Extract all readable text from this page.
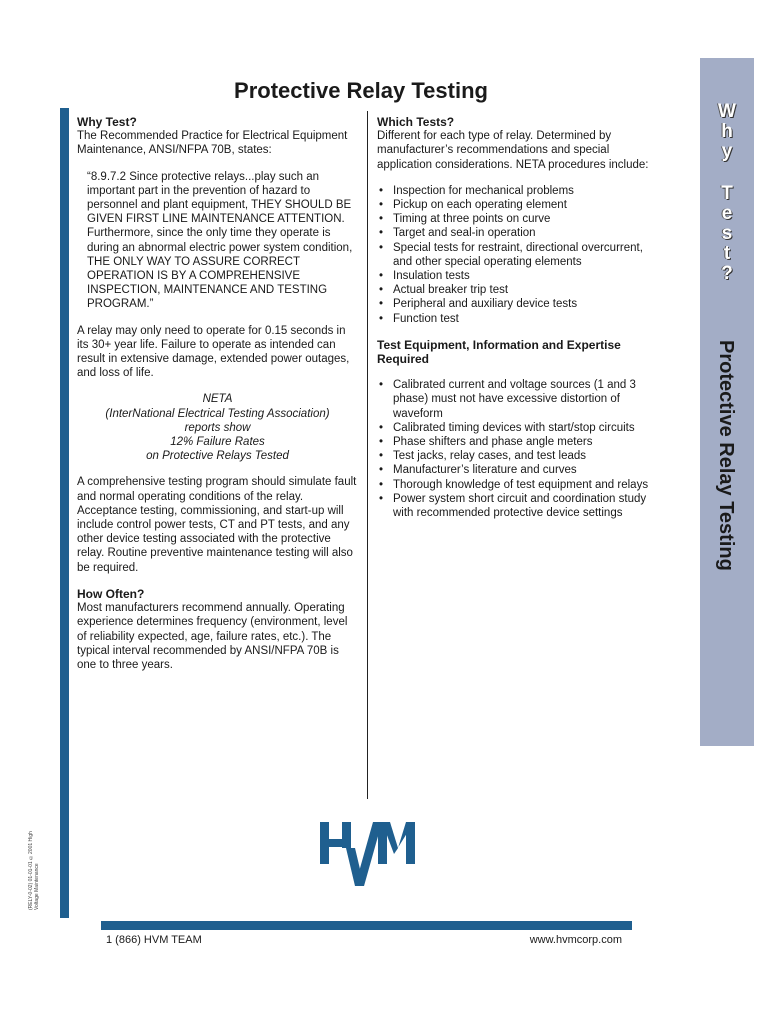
Protective Relay Testing

Why Test?

The Recommended Practice for Electrical Equipment Maintenance, ANSI/NFPA 70B, states:

“8.9.7.2 Since protective relays...play such an important part in the prevention of hazard to personnel and plant equipment, THEY SHOULD BE GIVEN FIRST LINE MAINTENANCE ATTENTION. Furthermore, since the only time they operate is during an abnormal electric power system condition, THE ONLY WAY TO ASSURE CORRECT OPERATION IS BY A COMPREHENSIVE INSPECTION, MAINTENANCE AND TESTING PROGRAM.”

A relay may only need to operate for 0.15 seconds in its 30+ year life. Failure to operate as intended can result in extensive damage, extended power outages, and loss of life.

NETA
(InterNational Electrical Testing Association)
reports show
12% Failure Rates
on Protective Relays Tested

A comprehensive testing program should simulate fault and normal operating conditions of the relay. Acceptance testing, commissioning, and start-up will include control power tests, CT and PT tests, and any other device testing associated with the protective relay. Routine preventive maintenance testing will also be required.

How Often?

Most manufacturers recommend annually. Operating experience determines frequency (environment, level of reliability expected, age, failure rates, etc.). The typical interval recommended by ANSI/NFPA 70B is one to three years.

Which Tests?

Different for each type of relay. Determined by manufacturer’s recommendations and special application considerations. NETA procedures include:

• Inspection for mechanical problems
• Pickup on each operating element
• Timing at three points on curve
• Target and seal-in operation
• Special tests for restraint, directional overcurrent, and other special operating elements
• Insulation tests
• Actual breaker trip test
• Peripheral and auxiliary device tests
• Function test

Test Equipment, Information and Expertise Required

• Calibrated current and voltage sources (1 and 3 phase) must not have excessive distortion of waveform
• Calibrated timing devices with start/stop circuits
• Phase shifters and phase angle meters
• Test jacks, relay cases, and test leads
• Manufacturer’s literature and curves
• Thorough knowledge of test equipment and relays
• Power system short circuit and coordination study with recommended protective device settings
W
h
y
T
e
s
t
?
Protective Relay Testing
(RELY-0-02) 01-01-01 ©2001 High Voltage Maintenance
1 (866) HVM TEAM	www.hvmcorp.com
